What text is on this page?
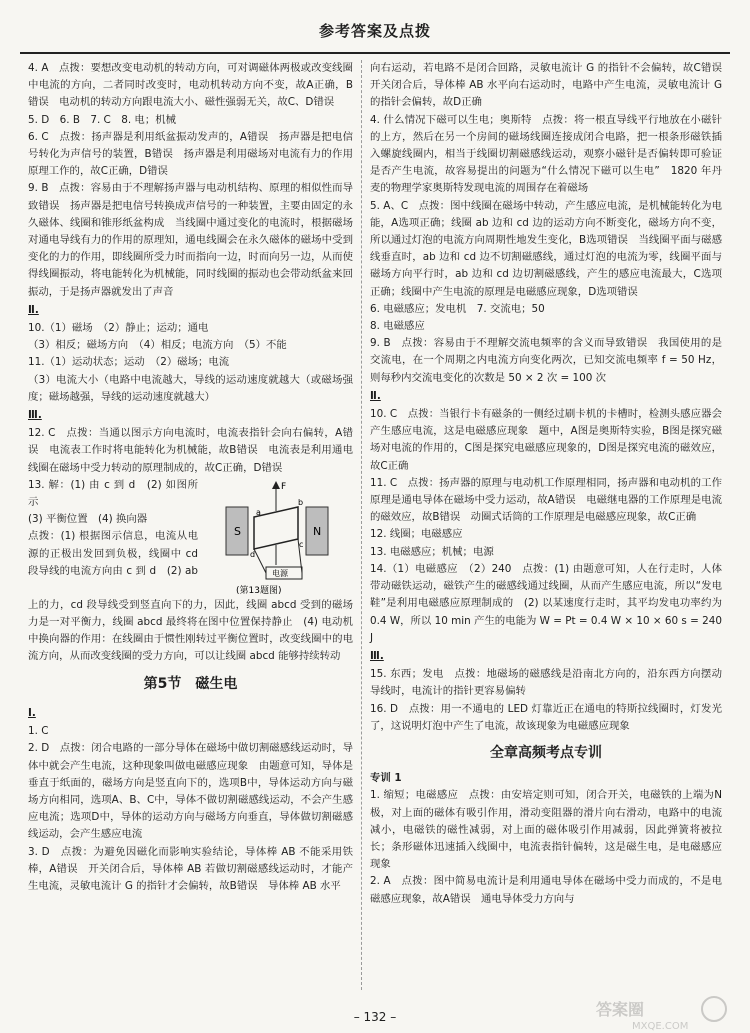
参考答案及点拨

4. A　点拨：要想改变电动机的转动方向，可对调磁体两极或改变线圈中电流的方向，二者同时改变时，电动机转动方向不变，故A正确，B错误　电动机的转动方向跟电流大小、磁性强弱无关，故C、D错误

5. D　6. B　7. C　8. 电；机械

6. C　点拨：扬声器是利用纸盆振动发声的，A错误　扬声器是把电信号转化为声信号的装置，B错误　扬声器是利用磁场对电流有力的作用原理工作的，故C正确，D错误

9. B　点拨：容易由于不理解扬声器与电动机结构、原理的相似性而导致错误　扬声器是把电信号转换成声信号的一种装置，主要由固定的永久磁体、线圈和锥形纸盆构成　当线圈中通过变化的电流时，根据磁场对通电导线有力的作用的原理知，通电线圈会在永久磁体的磁场中受到变化的力的作用，即线圈所受力时而指向一边，时而向另一边，从而使得线圈振动，将电能转化为机械能，同时线圈的振动也会带动纸盆来回振动，于是扬声器就发出了声音

Ⅱ.

10.（1）磁场　（2）静止；运动；通电

（3）相反；磁场方向　（4）相反；电流方向　（5）不能

11.（1）运动状态；运动　（2）磁场；电流

（3）电流大小（电路中电流越大，导线的运动速度就越大（或磁场强度；磁场越强，导线的运动速度就越大）

Ⅲ.

12. C　点拨：当通以图示方向电流时，电流表指针会向右偏转，A错误　电流表工作时将电能转化为机械能，故B错误　电流表是利用通电线圈在磁场中受力转动的原理制成的，故C正确，D错误

13. 解：(1) 由 c 到 d　(2) 如图所示

(3) 平衡位置　(4) 换向器

点拨：(1) 根据图示信息，电流从电源的正极出发回到负极，线圈中 cd 段导线的电流方向由 c 到 d　(2) ab 　

S	N
F
a
b
c
d
电源
(第13题图)

上的力，cd 段导线受到竖直向下的力，因此，线圈 abcd 受到的磁场力是一对平衡力，线圈 abcd 最终将在图中位置保持静止　(4) 电动机中换向器的作用：在线圈由于惯性刚转过平衡位置时，改变线圈中的电流方向，从而改变线圈的受力方向，可以让线圈 abcd 能够持续转动

第5节　磁生电
Ⅰ.

1. C

2. D　点拨：闭合电路的一部分导体在磁场中做切割磁感线运动时，导体中就会产生电流，这种现象叫做电磁感应现象　由题意可知，导体是垂直于纸面的，磁场方向是竖直向下的，选项B中，导体运动方向与磁场方向相同，选项A、B、C中，导体不做切割磁感线运动，不会产生感应电流；选项D中，导体的运动方向与磁场方向垂直，导体做切割磁感线运动，会产生感应电流

3. D　点拨：为避免因磁化而影响实验结论，导体棒 AB 不能采用铁棒，A错误　开关闭合后，导体棒 AB 若做切割磁感线运动时，才能产生电流，灵敏电流计 G 的指针才会偏转，故B错误　导体棒 AB 水平

向右运动，若电路不是闭合回路，灵敏电流计 G 的指针不会偏转，故C错误　开关闭合后，导体棒 AB 水平向右运动时，电路中产生电流，灵敏电流计 G 的指针会偏转，故D正确

4. 什么情况下磁可以生电；奥斯特　点拨：将一根直导线平行地放在小磁针的上方，然后在另一个房间的磁场线圈连接成闭合电路，把一根条形磁铁插入螺旋线圈内，相当于线圈切割磁感线运动，观察小磁针是否偏转即可验证是否产生电流，故容易提出的问题为“什么情况下磁可以生电”　1820 年丹麦的物理学家奥斯特发现电流的周围存在着磁场

5. A、C　点拨：图中线圈在磁场中转动，产生感应电流，是机械能转化为电能，A选项正确；线圈 ab 边和 cd 边的运动方向不断变化，磁场方向不变，所以通过灯泡的电流方向周期性地发生变化，B选项错误　当线圈平面与磁感线垂直时，ab 边和 cd 边不切割磁感线，通过灯泡的电流为零，线圈平面与磁场方向平行时，ab 边和 cd 边切割磁感线，产生的感应电流最大，C选项正确；线圈中产生电流的原理是电磁感应现象，D选项错误

6. 电磁感应；发电机　7. 交流电；50

8. 电磁感应

9. B　点拨：容易由于不理解交流电频率的含义而导致错误　我国使用的是交流电，在一个周期之内电流方向变化两次，已知交流电频率 f = 50 Hz，则每秒内交流电变化的次数是 50 × 2 次 = 100 次

Ⅱ.

10. C　点拨：当银行卡有磁条的一侧经过刷卡机的卡槽时，检测头感应器会产生感应电流，这是电磁感应现象　题中，A图是奥斯特实验，B图是探究磁场对电流的作用的，C图是探究电磁感应现象的，D图是探究电流的磁效应，故C正确

11. C　点拨：扬声器的原理与电动机工作原理相同，扬声器和电动机的工作原理是通电导体在磁场中受力运动，故A错误　电磁继电器的工作原理是电流的磁效应，故B错误　动圈式话筒的工作原理是电磁感应现象，故C正确

12. 线圈；电磁感应

13. 电磁感应；机械；电源

14.（1）电磁感应　（2）240　点拨：(1) 由题意可知，人在行走时，人体带动磁铁运动，磁铁产生的磁感线通过线圈，从而产生感应电流，所以“发电鞋”是利用电磁感应原理制成的　(2) 以某速度行走时，其平均发电功率约为 0.4 W，所以 10 min 产生的电能为 W = Pt = 0.4 W × 10 × 60 s = 240 J

Ⅲ.

15. 东西；发电　点拨：地磁场的磁感线是沿南北方向的，沿东西方向摆动导线时，电流计的指针更容易偏转

16. D　点拨：用一不通电的 LED 灯靠近正在通电的特斯拉线圈时，灯发光了，这说明灯泡中产生了电流，故该现象为电磁感应现象

全章高频考点专训
专训 1

1. 缩短；电磁感应　点拨：由安培定则可知，闭合开关，电磁铁的上端为N极，对上面的磁体有吸引作用，滑动变阻器的滑片向右滑动，电路中的电流减小，电磁铁的磁性减弱，对上面的磁体吸引作用减弱，因此弹簧将被拉长；条形磁体迅速插入线圈中，电流表指针偏转，这是磁生电，是电磁感应现象

2. A　点拨：图中简易电流计是利用通电导体在磁场中受力而成的，不是电磁感应现象，故A错误　通电导体受力方向与

– 132 –	答案圈
MXQE.COM
